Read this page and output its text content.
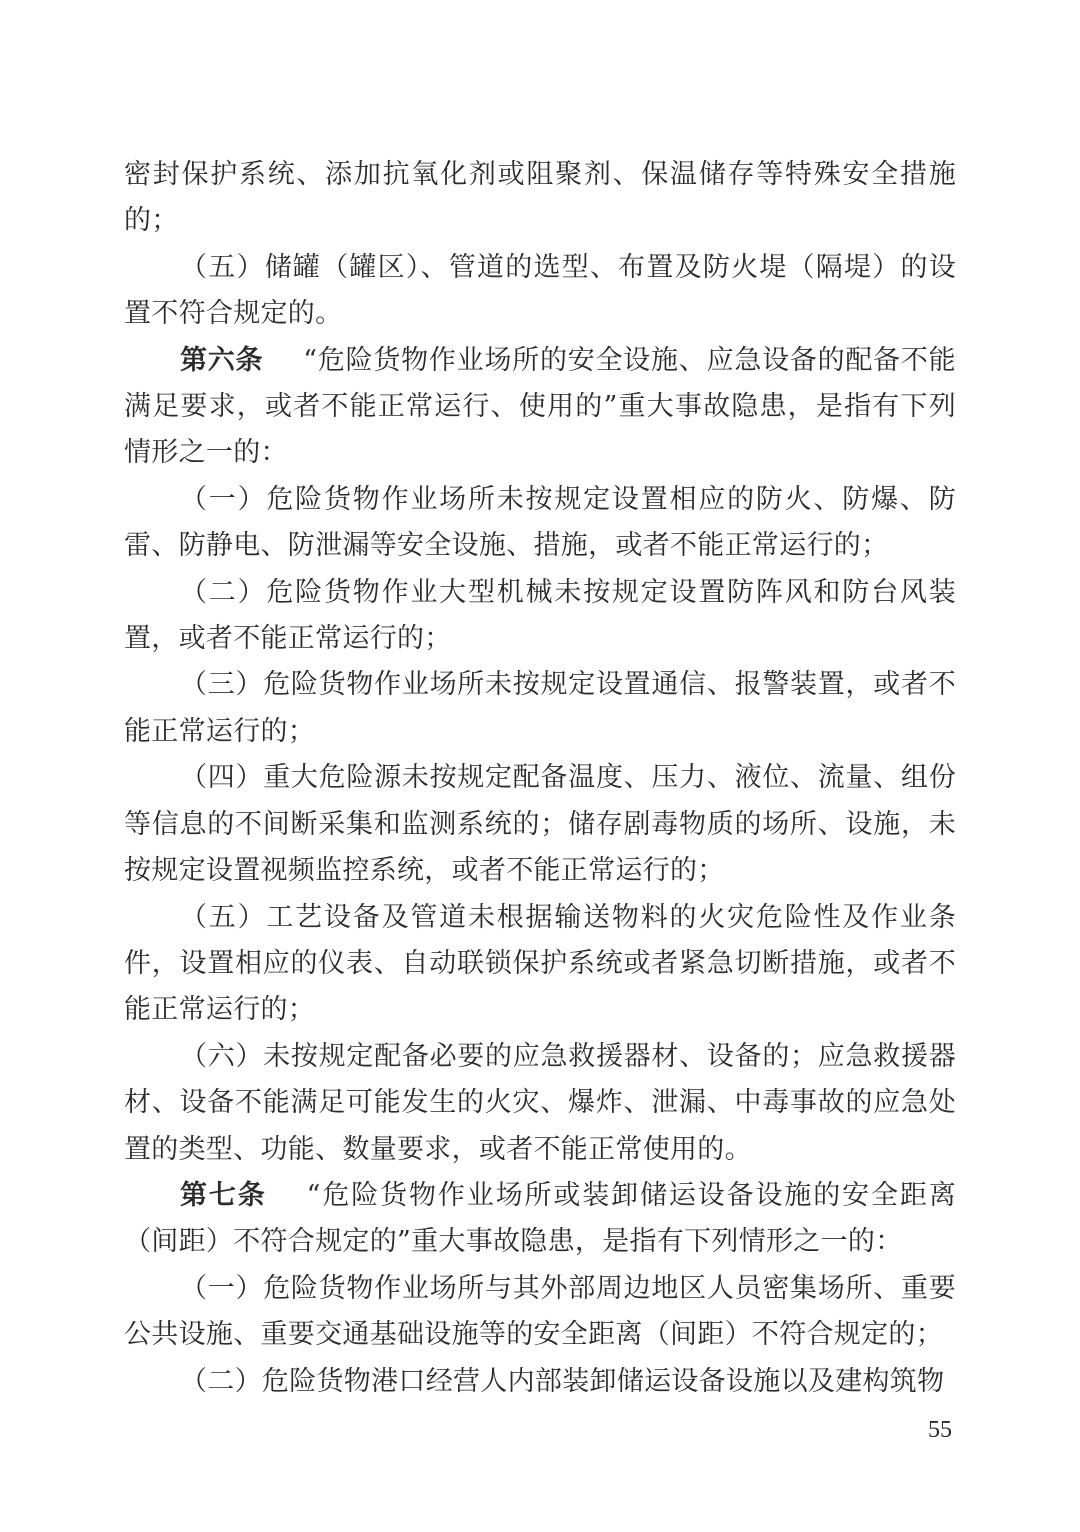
密封保护系统、添加抗氧化剂或阻聚剂、保温储存等特殊安全措施的；

（五）储罐（罐区）、管道的选型、布置及防火堤（隔堤）的设置不符合规定的。

第六条 “危险货物作业场所的安全设施、应急设备的配备不能满足要求，或者不能正常运行、使用的”重大事故隐患，是指有下列情形之一的：

（一）危险货物作业场所未按规定设置相应的防火、防爆、防雷、防静电、防泄漏等安全设施、措施，或者不能正常运行的；

（二）危险货物作业大型机械未按规定设置防阵风和防台风装置，或者不能正常运行的；

（三）危险货物作业场所未按规定设置通信、报警装置，或者不能正常运行的；

（四）重大危险源未按规定配备温度、压力、液位、流量、组份等信息的不间断采集和监测系统的；储存剧毒物质的场所、设施，未按规定设置视频监控系统，或者不能正常运行的；

（五）工艺设备及管道未根据输送物料的火灾危险性及作业条件，设置相应的仪表、自动联锁保护系统或者紧急切断措施，或者不能正常运行的；

（六）未按规定配备必要的应急救援器材、设备的；应急救援器材、设备不能满足可能发生的火灾、爆炸、泄漏、中毒事故的应急处置的类型、功能、数量要求，或者不能正常使用的。

第七条 “危险货物作业场所或装卸储运设备设施的安全距离（间距）不符合规定的”重大事故隐患，是指有下列情形之一的：

（一）危险货物作业场所与其外部周边地区人员密集场所、重要公共设施、重要交通基础设施等的安全距离（间距）不符合规定的；

（二）危险货物港口经营人内部装卸储运设备设施以及建构筑物

55
